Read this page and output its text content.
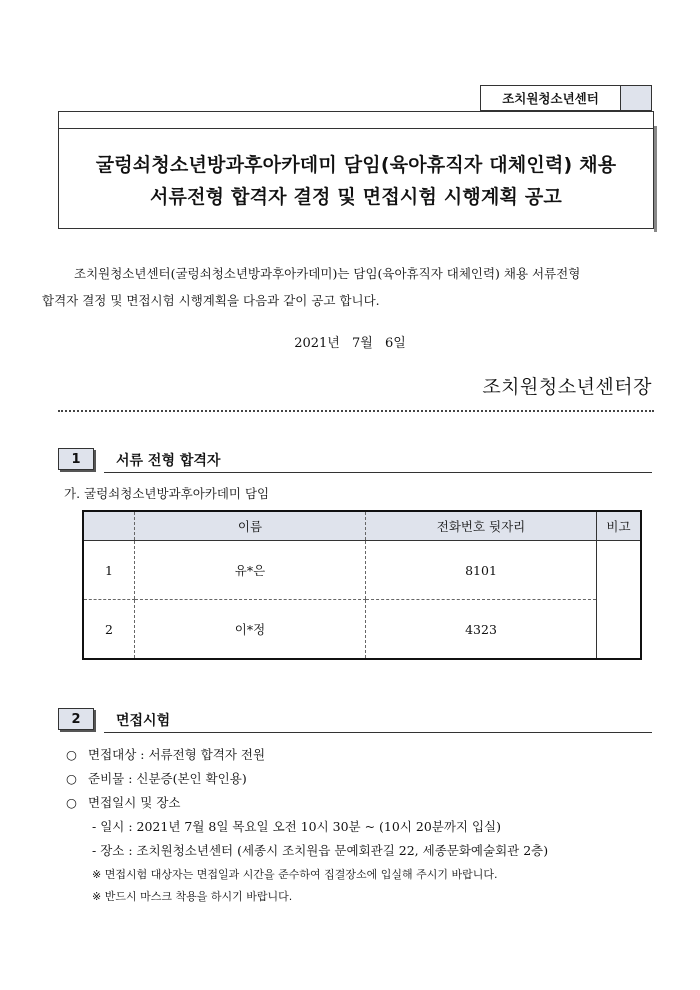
조치원청소년센터
굴렁쇠청소년방과후아카데미 담임(육아휴직자 대체인력) 채용
서류전형 합격자 결정 및 면접시험 시행계획 공고
조치원청소년센터(굴렁쇠청소년방과후아카데미)는 담임(육아휴직자 대체인력) 채용 서류전형
합격자 결정 및 면접시험 시행계획을 다음과 같이 공고 합니다.
2021년 7월 6일
조치원청소년센터장
1	서류 전형 합격자
가. 굴렁쇠청소년방과후아카데미 담임
	이름	전화번호 뒷자리	비고
1	유*은	8101	
2	이*정	4323	
2	면접시험
○ 면접대상 : 서류전형 합격자 전원
○ 준비물 : 신분증(본인 확인용)
○ 면접일시 및 장소
- 일시 : 2021년 7월 8일 목요일 오전 10시 30분 ~ (10시 20분까지 입실)
- 장소 : 조치원청소년센터 (세종시 조치원읍 문예회관길 22, 세종문화예술회관 2층)
※ 면접시험 대상자는 면접일과 시간을 준수하여 집결장소에 입실해 주시기 바랍니다.
※ 반드시 마스크 착용을 하시기 바랍니다.
